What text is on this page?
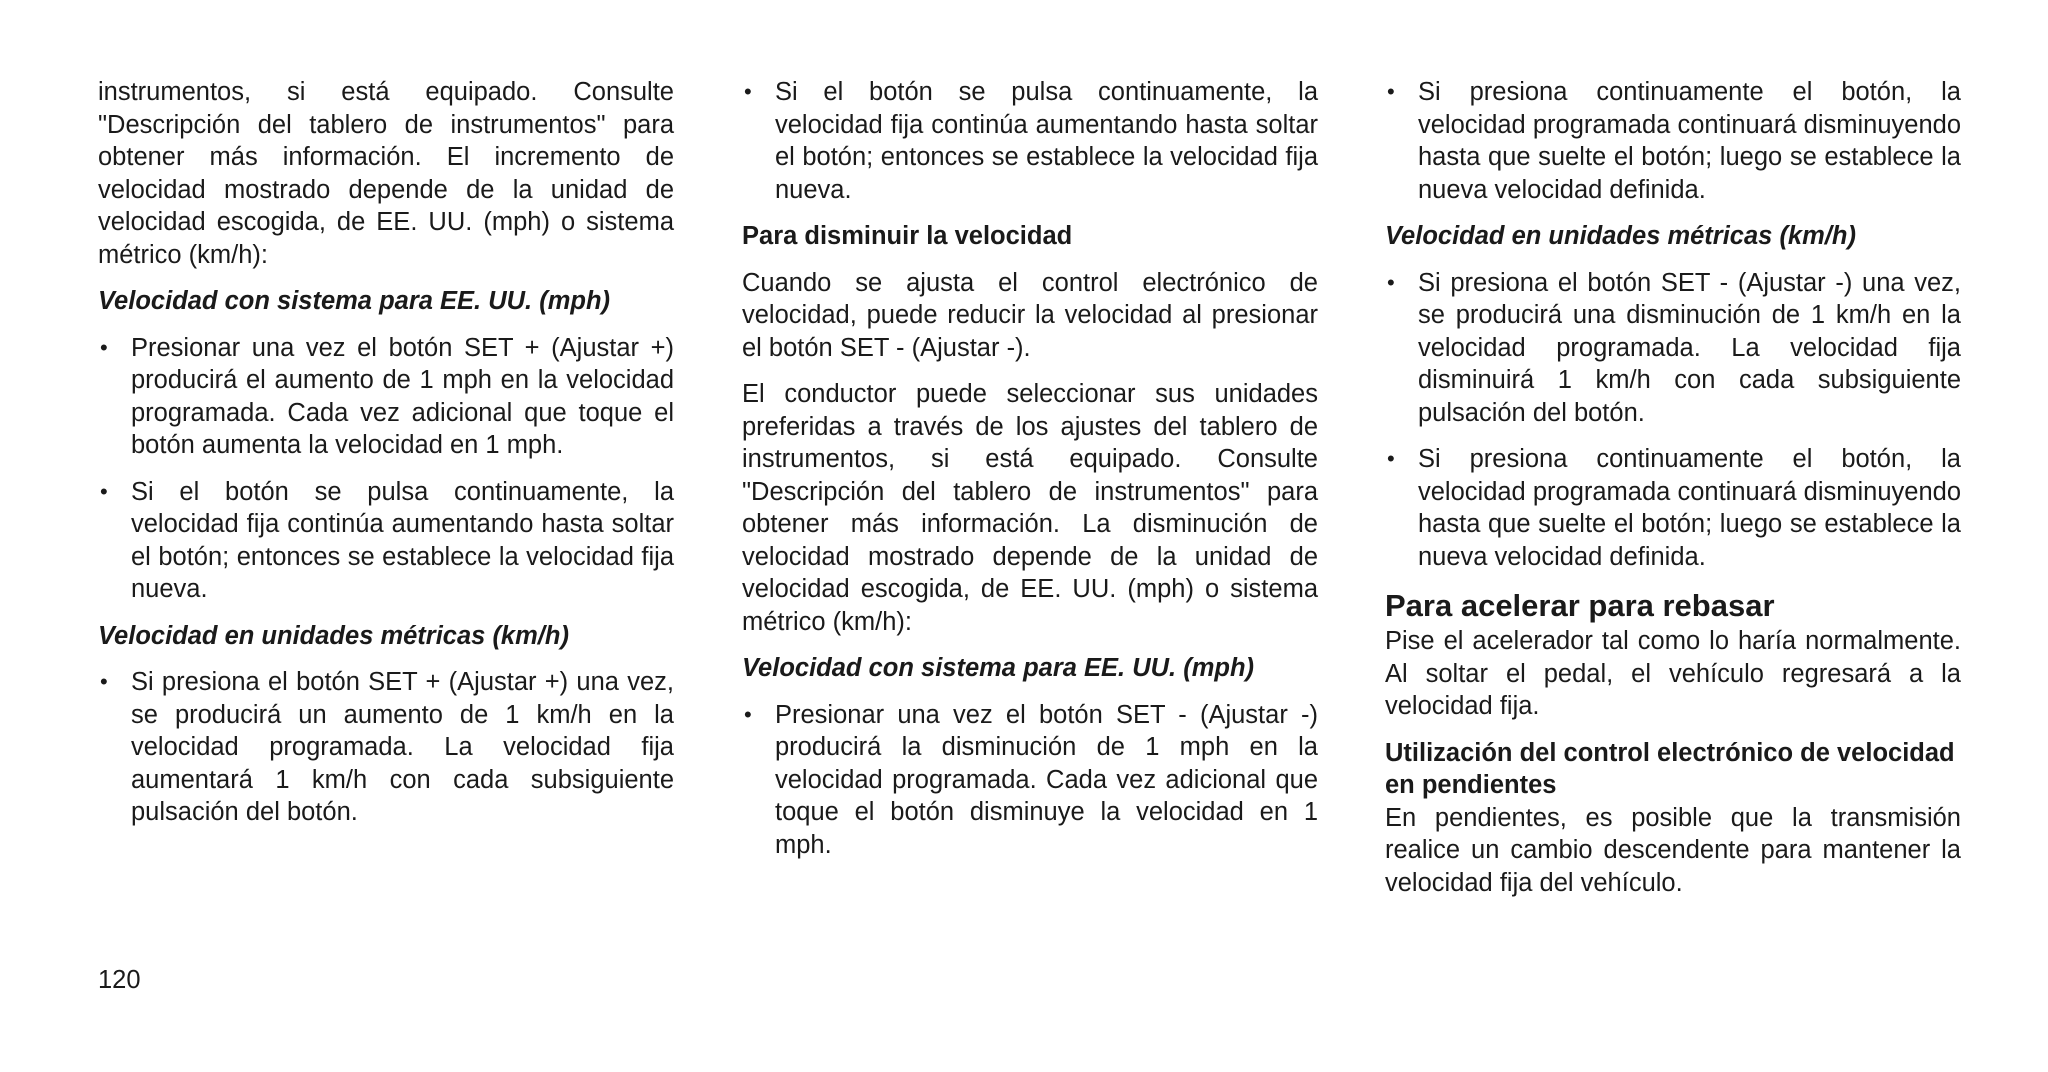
instrumentos, si está equipado. Consulte "Descripción del tablero de instrumentos" para obtener más información. El incremento de velocidad mostrado depende de la unidad de velocidad escogida, de EE. UU. (mph) o sistema métrico (km/h):

Velocidad con sistema para EE. UU. (mph)

• Presionar una vez el botón SET + (Ajustar +) producirá el aumento de 1 mph en la velocidad programada. Cada vez adicional que toque el botón aumenta la velocidad en 1 mph.
• Si el botón se pulsa continuamente, la velocidad fija continúa aumentando hasta soltar el botón; entonces se establece la velocidad fija nueva.

Velocidad en unidades métricas (km/h)

• Si presiona el botón SET + (Ajustar +) una vez, se producirá un aumento de 1 km/h en la velocidad programada. La velocidad fija aumentará 1 km/h con cada subsiguiente pulsación del botón.
• Si el botón se pulsa continuamente, la velocidad fija continúa aumentando hasta soltar el botón; entonces se establece la velocidad fija nueva.

Para disminuir la velocidad

Cuando se ajusta el control electrónico de velocidad, puede reducir la velocidad al presionar el botón SET - (Ajustar -).

El conductor puede seleccionar sus unidades preferidas a través de los ajustes del tablero de instrumentos, si está equipado. Consulte "Descripción del tablero de instrumentos" para obtener más información. La disminución de velocidad mostrado depende de la unidad de velocidad escogida, de EE. UU. (mph) o sistema métrico (km/h):

Velocidad con sistema para EE. UU. (mph)

• Presionar una vez el botón SET - (Ajustar -) producirá la disminución de 1 mph en la velocidad programada. Cada vez adicional que toque el botón disminuye la velocidad en 1 mph.
• Si presiona continuamente el botón, la velocidad programada continuará disminuyendo hasta que suelte el botón; luego se establece la nueva velocidad definida.

Velocidad en unidades métricas (km/h)

• Si presiona el botón SET - (Ajustar -) una vez, se producirá una disminución de 1 km/h en la velocidad programada. La velocidad fija disminuirá 1 km/h con cada subsiguiente pulsación del botón.
• Si presiona continuamente el botón, la velocidad programada continuará disminuyendo hasta que suelte el botón; luego se establece la nueva velocidad definida.

Para acelerar para rebasar

Pise el acelerador tal como lo haría normalmente. Al soltar el pedal, el vehículo regresará a la velocidad fija.

Utilización del control electrónico de velocidad en pendientes

En pendientes, es posible que la transmisión realice un cambio descendente para mantener la velocidad fija del vehículo.

120
